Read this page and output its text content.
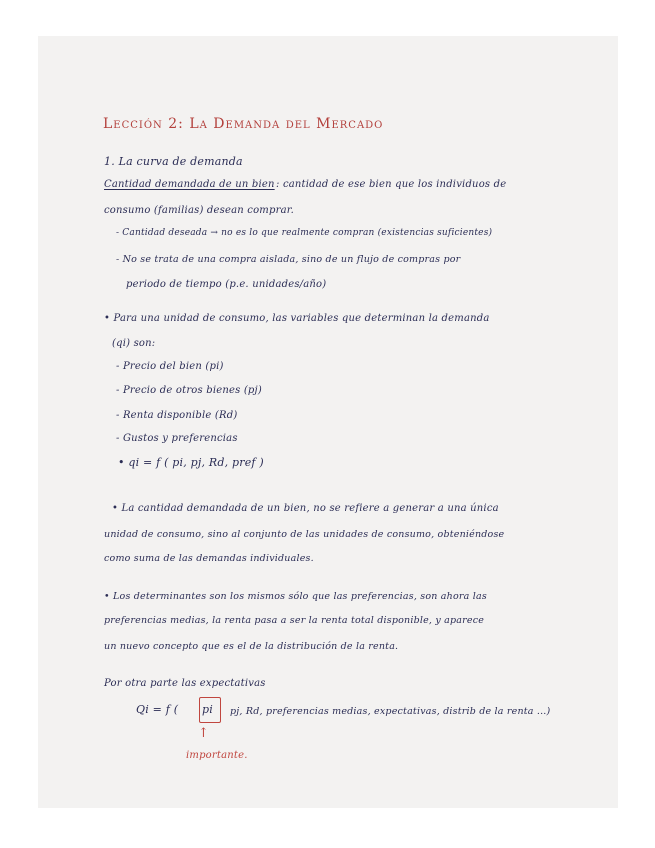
Lección 2: La Demanda del Mercado
1. La curva de demanda
Cantidad demandada de un bien : cantidad de ese bien que los individuos de
consumo (familias) desean comprar.
- Cantidad deseada → no es lo que realmente compran (existencias suficientes)
- No se trata de una compra aislada, sino de un flujo de compras por
periodo de tiempo (p.e. unidades/año)
• Para una unidad de consumo, las variables que determinan la demanda
(qi) son:
- Precio del bien (pi)
- Precio de otros bienes (pj)
- Renta disponible (Rd)
- Gustos y preferencias
• qi = f ( pi, pj, Rd, pref )
• La cantidad demandada de un bien, no se refiere a generar a una única
unidad de consumo, sino al conjunto de las unidades de consumo, obteniéndose
como suma de las demandas individuales.
• Los determinantes son los mismos sólo que las preferencias, son ahora las
preferencias medias, la renta pasa a ser la renta total disponible, y aparece
un nuevo concepto que es el de la distribución de la renta.
Por otra parte las expectativas
Qi = f ( pi pj, Rd, preferencias medias, expectativas, distrib de la renta ...)
↑
importante.
